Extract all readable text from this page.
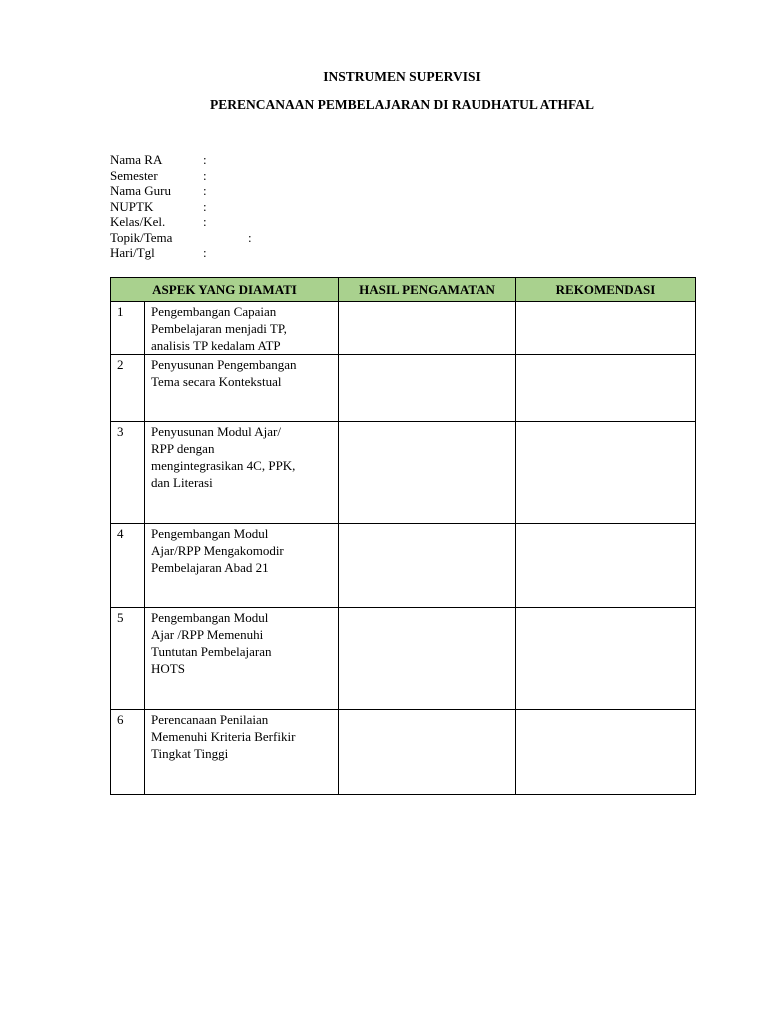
INSTRUMEN SUPERVISI
PERENCANAAN PEMBELAJARAN DI RAUDHATUL ATHFAL
Nama RA	:
Semester	:
Nama Guru :
NUPTK	:
Kelas/Kel.	:
Topik/Tema	:
Hari/Tgl	:
ASPEK YANG DIAMATI		HASIL PENGAMATAN	REKOMENDASI
1	Pengembangan Capaian
Pembelajaran menjadi TP,
analisis TP kedalam ATP		

2	Penyusunan Pengembangan
Tema secara Kontekstual		

3	Penyusunan Modul Ajar/
RPP dengan
mengintegrasikan 4C, PPK,
dan Literasi		

4	Pengembangan Modul
Ajar/RPP Mengakomodir
Pembelajaran Abad 21		

5	Pengembangan Modul
Ajar /RPP Memenuhi
Tuntutan Pembelajaran
HOTS		

6	Perencanaan Penilaian
Memenuhi Kriteria Berfikir
Tingkat Tinggi		
